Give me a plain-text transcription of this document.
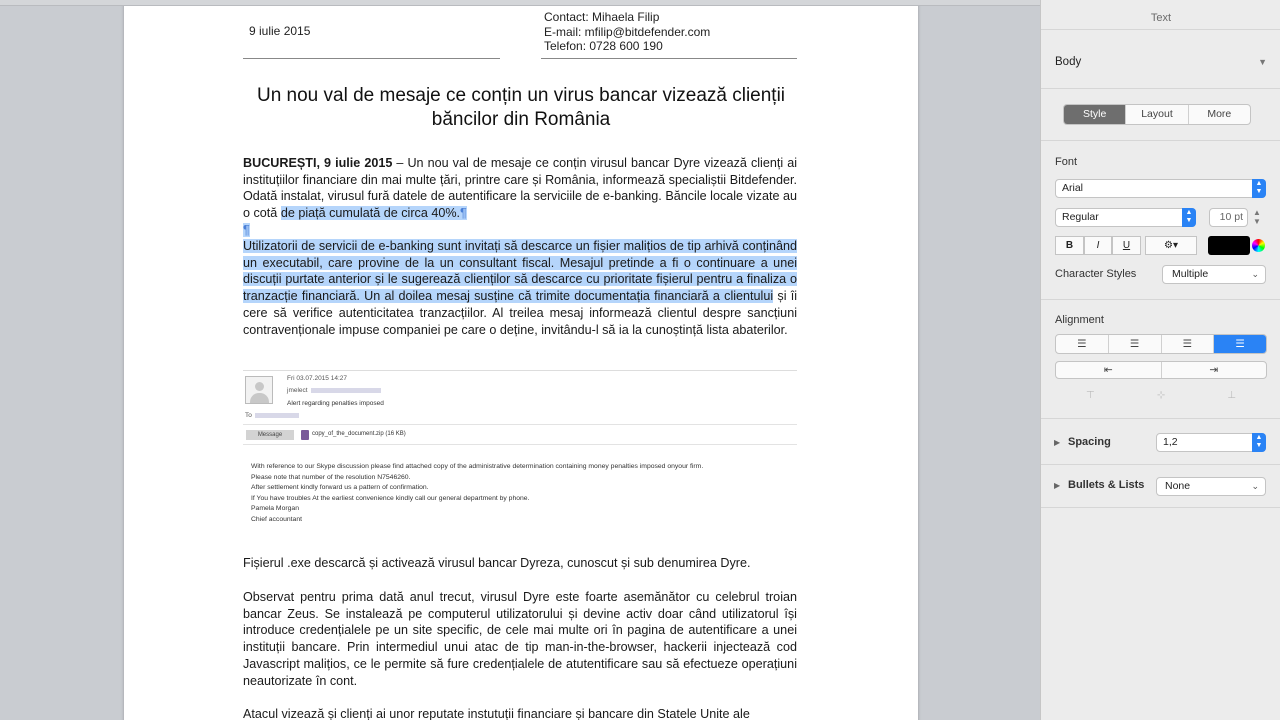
9 iulie 2015
Contact: Mihaela Filip
E-mail: mfilip@bitdefender.com
Telefon: 0728 600 190
Un nou val de mesaje ce conțin un virus bancar vizează clienții
băncilor din România
BUCUREȘTI, 9 iulie 2015 – Un nou val de mesaje ce conțin virusul bancar Dyre vizează clienți ai instituțiilor financiare din mai multe țări, printre care și România, informează specialiștii Bitdefender. Odată instalat, virusul fură datele de autentificare la serviciile de e-banking. Băncile locale vizate au o cotă de piață cumulată de circa 40%.¶
¶
Utilizatorii de servicii de e-banking sunt invitați să descarce un fișier malițios de tip arhivă conținând un executabil, care provine de la un consultant fiscal. Mesajul pretinde a fi o continuare a unei discuții purtate anterior și le sugerează clienților să descarce cu prioritate fișierul pentru a finaliza o tranzacție financiară. Un al doilea mesaj susține că trimite documentația financiară a clientului și îi cere să verifice autenticitatea tranzacțiilor. Al treilea mesaj informează clientul despre sancțiuni contravenționale impuse companiei pe care o deține, invitându-l să ia la cunoștință lista abaterilor.
Fri 03.07.2015 14:27
jmelect
Alert regarding penalties imposed
To
Message	copy_of_the_document.zip (16 KB)
With reference to our Skype discussion please find attached copy of the administrative determination containing money penalties imposed onyour firm.
Please note that number of the resolution N7546260.
After settlement kindly forward us a pattern of confirmation.
If You have troubles At the earliest convenience kindly call our general department by phone.
Pamela Morgan
Chief accountant
Fișierul .exe descarcă și activează virusul bancar Dyreza, cunoscut și sub denumirea Dyre.
Observat pentru prima dată anul trecut, virusul Dyre este foarte asemănător cu celebrul troian bancar Zeus. Se instalează pe computerul utilizatorului și devine activ doar când utilizatorul își introduce credențialele pe un site specific, de cele mai multe ori în pagina de autentificare a unei instituții bancare. Prin intermediul unui atac de tip man-in-the-browser, hackerii injectează cod Javascript malițios, ce le permite să fure credențialele de atutentificare sau să efectueze operațiuni neautorizate în cont.
Atacul vizează și clienți ai unor reputate instutuții financiare și bancare din Statele Unite ale
Text
Body	▼
Style	Layout	More
Font
Arial	▲
▼
Regular	▲
▼	10 pt	▲
▼
B	I	U	⚙▾
Character Styles	Multiple	⌄
Alignment
☰	☰	☰	☰
⇤	⇥
⊤	⊹	⊥
▶ Spacing	1,2	▲
▼
▶ Bullets & Lists	None	⌄
